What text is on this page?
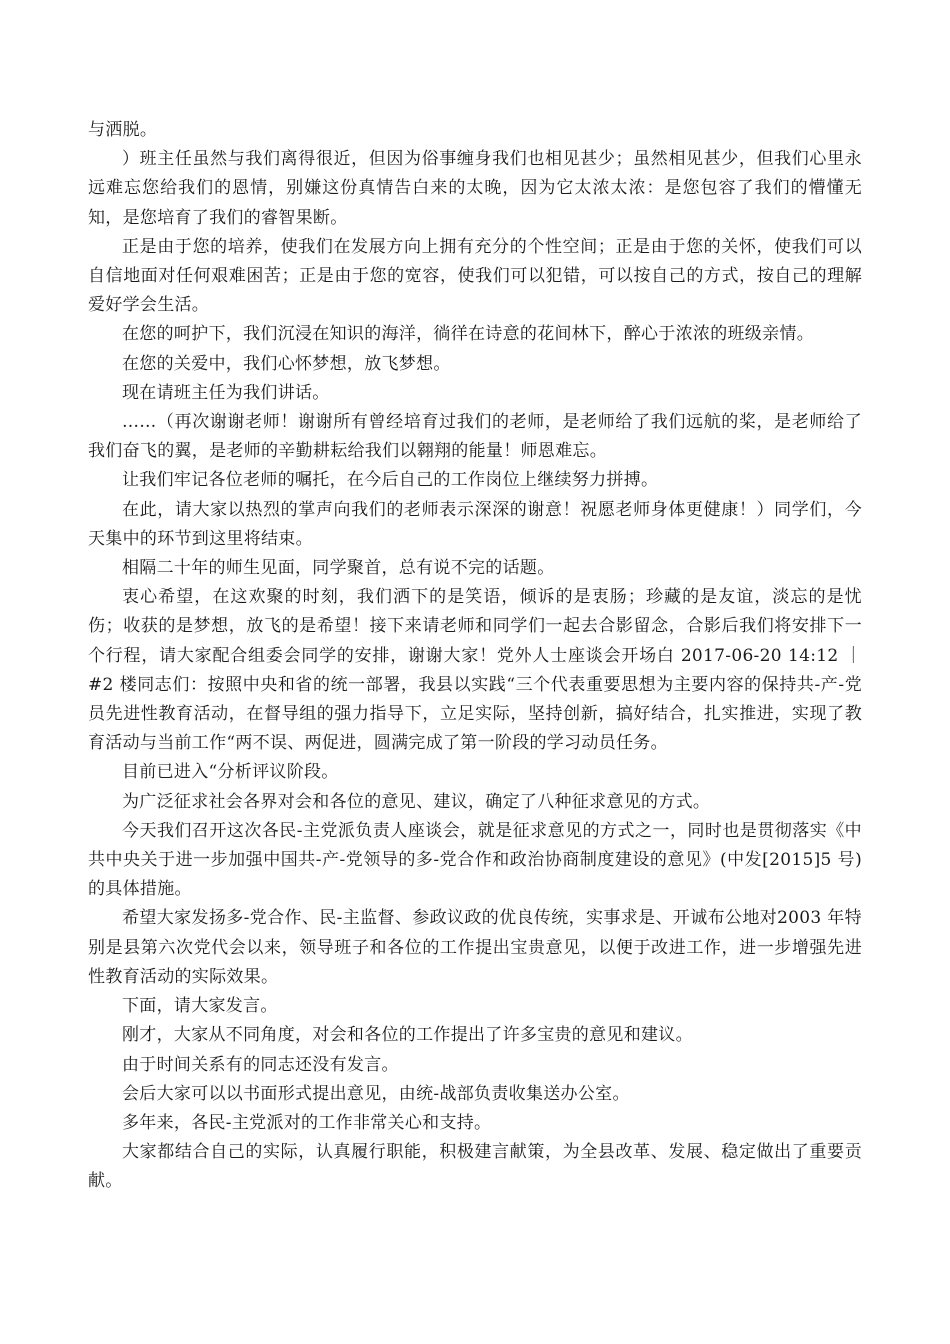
与洒脱。

）班主任虽然与我们离得很近，但因为俗事缠身我们也相见甚少；虽然相见甚少，但我们心里永远难忘您给我们的恩情，别嫌这份真情告白来的太晚，因为它太浓太浓：是您包容了我们的懵懂无知，是您培育了我们的睿智果断。

正是由于您的培养，使我们在发展方向上拥有充分的个性空间；正是由于您的关怀，使我们可以自信地面对任何艰难困苦；正是由于您的宽容，使我们可以犯错，可以按自己的方式，按自己的理解爱好学会生活。

在您的呵护下，我们沉浸在知识的海洋，徜徉在诗意的花间林下，醉心于浓浓的班级亲情。

在您的关爱中，我们心怀梦想，放飞梦想。

现在请班主任为我们讲话。

……（再次谢谢老师！谢谢所有曾经培育过我们的老师，是老师给了我们远航的桨，是老师给了我们奋飞的翼，是老师的辛勤耕耘给我们以翱翔的能量！师恩难忘。

让我们牢记各位老师的嘱托，在今后自己的工作岗位上继续努力拼搏。

在此，请大家以热烈的掌声向我们的老师表示深深的谢意！祝愿老师身体更健康！）同学们，今天集中的环节到这里将结束。

相隔二十年的师生见面，同学聚首，总有说不完的话题。

衷心希望，在这欢聚的时刻，我们洒下的是笑语，倾诉的是衷肠；珍藏的是友谊，淡忘的是忧伤；收获的是梦想，放飞的是希望！接下来请老师和同学们一起去合影留念，合影后我们将安排下一个行程，请大家配合组委会同学的安排，谢谢大家！党外人士座谈会开场白 2017-06-20 14:12 ｜ #2 楼同志们：按照中央和省的统一部署，我县以实践“三个代表重要思想为主要内容的保持共-产-党员先进性教育活动，在督导组的强力指导下，立足实际，坚持创新，搞好结合，扎实推进，实现了教育活动与当前工作“两不误、两促进，圆满完成了第一阶段的学习动员任务。

目前已进入“分析评议阶段。

为广泛征求社会各界对会和各位的意见、建议，确定了八种征求意见的方式。

今天我们召开这次各民-主党派负责人座谈会，就是征求意见的方式之一，同时也是贯彻落实《中共中央关于进一步加强中国共-产-党领导的多-党合作和政治协商制度建设的意见》(中发[2015]5 号)的具体措施。

希望大家发扬多-党合作、民-主监督、参政议政的优良传统，实事求是、开诚布公地对2003 年特别是县第六次党代会以来，领导班子和各位的工作提出宝贵意见，以便于改进工作，进一步增强先进性教育活动的实际效果。

下面，请大家发言。

刚才，大家从不同角度，对会和各位的工作提出了许多宝贵的意见和建议。

由于时间关系有的同志还没有发言。

会后大家可以以书面形式提出意见，由统-战部负责收集送办公室。

多年来，各民-主党派对的工作非常关心和支持。

大家都结合自己的实际，认真履行职能，积极建言献策，为全县改革、发展、稳定做出了重要贡献。
